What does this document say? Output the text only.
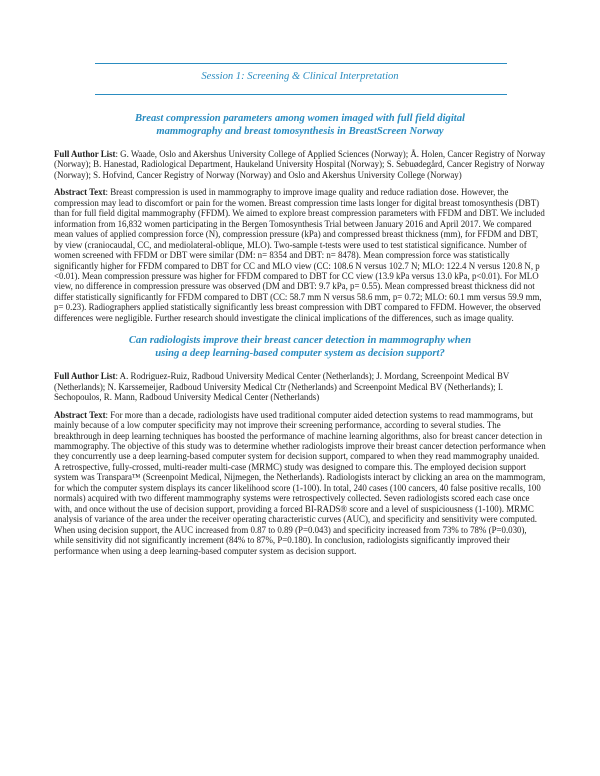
Session 1: Screening & Clinical Interpretation
Breast compression parameters among women imaged with full field digital
mammography and breast tomosynthesis in BreastScreen Norway

Full Author List: G. Waade, Oslo and Akershus University College of Applied Sciences (Norway); Å. Holen, Cancer Registry of Norway (Norway); B. Hanestad, Radiological Department, Haukeland University Hospital (Norway); S. Sebuødegård, Cancer Registry of Norway (Norway); S. Hofvind, Cancer Registry of Norway (Norway) and Oslo and Akershus University College (Norway)

Abstract Text: Breast compression is used in mammography to improve image quality and reduce radiation dose. However, the compression may lead to discomfort or pain for the women. Breast compression time lasts longer for digital breast tomosynthesis (DBT) than for full field digital mammography (FFDM). We aimed to explore breast compression parameters with FFDM and DBT. We included information from 16,832 women participating in the Bergen Tomosynthesis Trial between January 2016 and April 2017. We compared mean values of applied compression force (N), compression pressure (kPa) and compressed breast thickness (mm), for FFDM and DBT, by view (craniocaudal, CC, and mediolateral-oblique, MLO). Two-sample t-tests were used to test statistical significance. Number of women screened with FFDM or DBT were similar (DM: n= 8354 and DBT: n= 8478). Mean compression force was statistically significantly higher for FFDM compared to DBT for CC and MLO view (CC: 108.6 N versus 102.7 N; MLO: 122.4 N versus 120.8 N, p <0.01). Mean compression pressure was higher for FFDM compared to DBT for CC view (13.9 kPa versus 13.0 kPa, p<0.01). For MLO view, no difference in compression pressure was observed (DM and DBT: 9.7 kPa, p= 0.55). Mean compressed breast thickness did not differ statistically significantly for FFDM compared to DBT (CC: 58.7 mm N versus 58.6 mm, p= 0.72; MLO: 60.1 mm versus 59.9 mm, p= 0.23). Radiographers applied statistically significantly less breast compression with DBT compared to FFDM. However, the observed differences were negligible. Further research should investigate the clinical implications of the differences, such as image quality.

Can radiologists improve their breast cancer detection in mammography when
using a deep learning-based computer system as decision support?

Full Author List: A. Rodriguez-Ruiz, Radboud University Medical Center (Netherlands); J. Mordang, Screenpoint Medical BV (Netherlands); N. Karssemeijer, Radboud University Medical Ctr (Netherlands) and Screenpoint Medical BV (Netherlands); I. Sechopoulos, R. Mann, Radboud University Medical Center (Netherlands)

Abstract Text: For more than a decade, radiologists have used traditional computer aided detection systems to read mammograms, but mainly because of a low computer specificity may not improve their screening performance, according to several studies. The breakthrough in deep learning techniques has boosted the performance of machine learning algorithms, also for breast cancer detection in mammography. The objective of this study was to determine whether radiologists improve their breast cancer detection performance when they concurrently use a deep learning-based computer system for decision support, compared to when they read mammography unaided. A retrospective, fully-crossed, multi-reader multi-case (MRMC) study was designed to compare this. The employed decision support system was Transpara™ (Screenpoint Medical, Nijmegen, the Netherlands). Radiologists interact by clicking an area on the mammogram, for which the computer system displays its cancer likelihood score (1-100). In total, 240 cases (100 cancers, 40 false positive recalls, 100 normals) acquired with two different mammography systems were retrospectively collected. Seven radiologists scored each case once with, and once without the use of decision support, providing a forced BI-RADS® score and a level of suspiciousness (1-100). MRMC analysis of variance of the area under the receiver operating characteristic curves (AUC), and specificity and sensitivity were computed. When using decision support, the AUC increased from 0.87 to 0.89 (P=0.043) and specificity increased from 73% to 78% (P=0.030), while sensitivity did not significantly increment (84% to 87%, P=0.180). In conclusion, radiologists significantly improved their performance when using a deep learning-based computer system as decision support.
